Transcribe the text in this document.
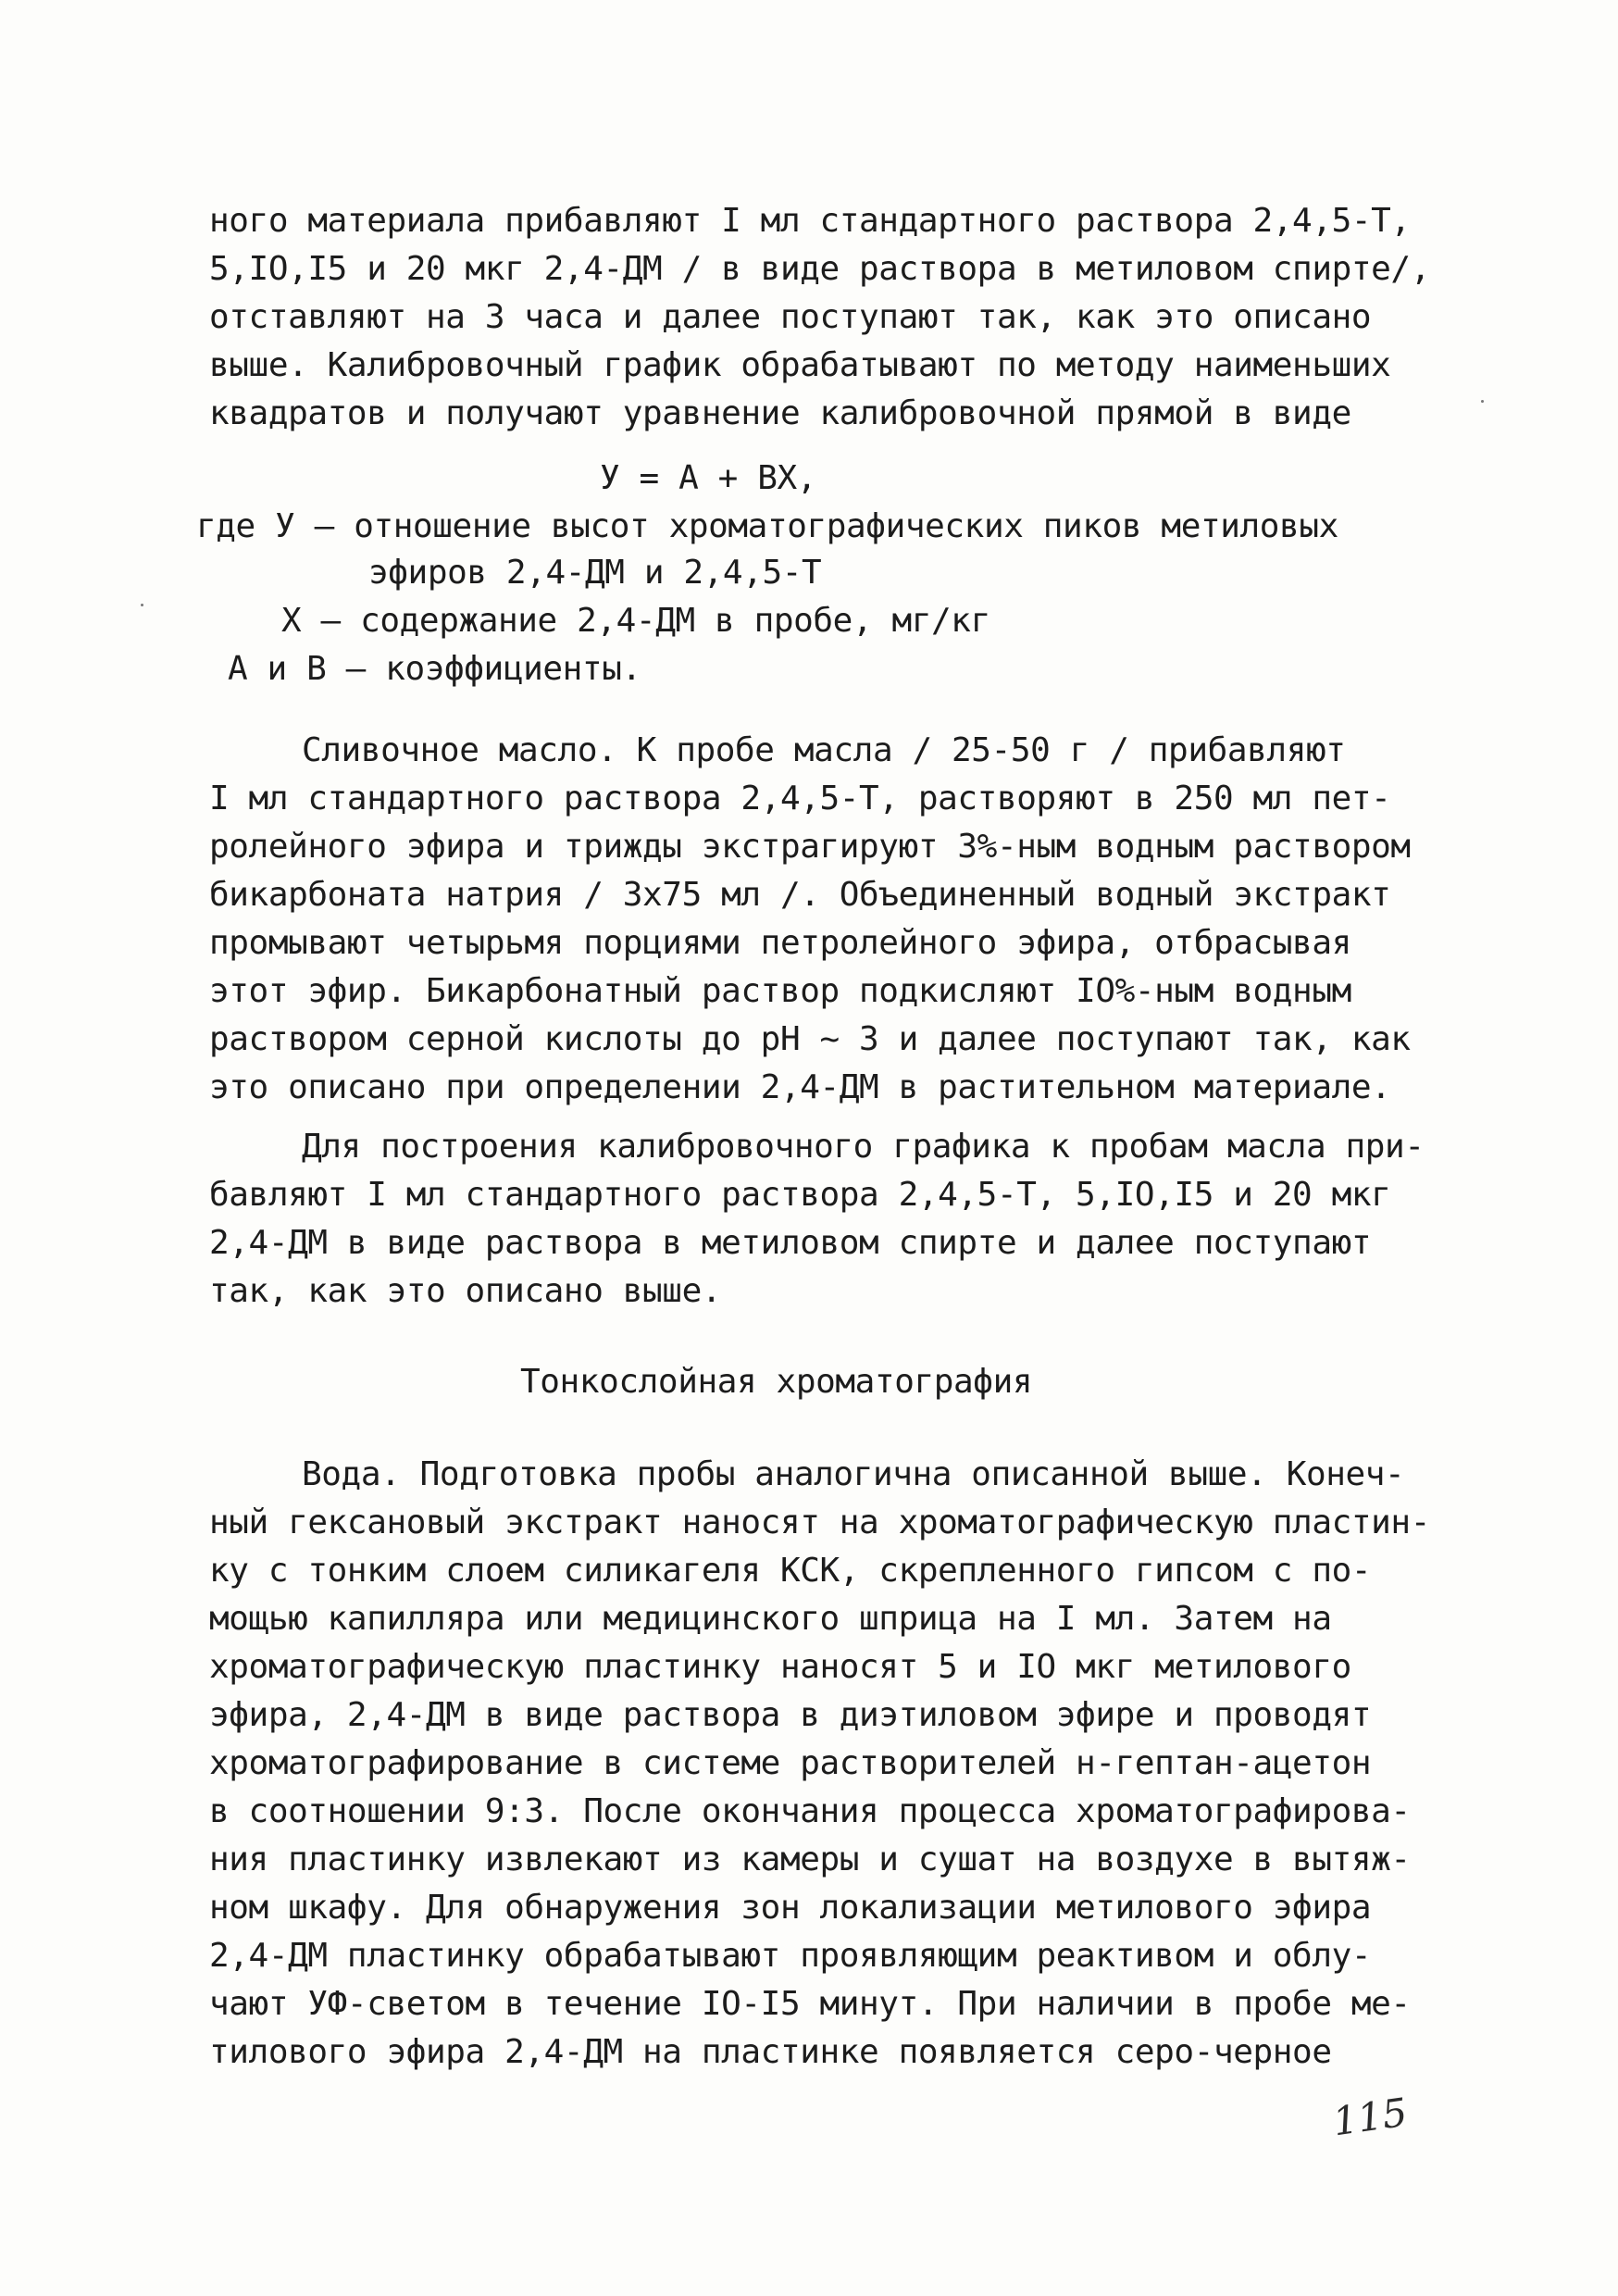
ного материала прибавляют I мл стандартного раствора 2,4,5-Т,
5,IO,I5 и 20 мкг 2,4-ДМ / в виде раствора в метиловом спирте/,
отставляют на 3 часа и далее поступают так, как это описано
выше. Калибровочный график обрабатывают по методу наименьших
квадратов и получают уравнение калибровочной прямой в виде
У = А + ВХ,
где У – отношение высот хроматографических пиков метиловых
эфиров 2,4-ДМ и 2,4,5-Т
Х – содержание 2,4-ДМ в пробе, мг/кг
А и В – коэффициенты.
Сливочное масло. К пробе масла / 25-50 г / прибавляют
I мл стандартного раствора 2,4,5-Т, растворяют в 250 мл пет-
ролейного эфира и трижды экстрагируют 3%-ным водным раствором
бикарбоната натрия / 3х75 мл /. Объединенный водный экстракт
промывают четырьмя порциями петролейного эфира, отбрасывая
этот эфир. Бикарбонатный раствор подкисляют IO%-ным водным
раствором серной кислоты до рН ~ 3 и далее поступают так, как
это описано при определении 2,4-ДМ в растительном материале.
Для построения калибровочного графика к пробам масла при-
бавляют I мл стандартного раствора 2,4,5-Т, 5,IO,I5 и 20 мкг
2,4-ДМ в виде раствора в метиловом спирте и далее поступают
так, как это описано выше.
Тонкослойная хроматография
Вода. Подготовка пробы аналогична описанной выше. Конеч-
ный гексановый экстракт наносят на хроматографическую пластин-
ку с тонким слоем силикагеля КСК, скрепленного гипсом с по-
мощью капилляра или медицинского шприца на I мл. Затем на
хроматографическую пластинку наносят 5 и IO мкг метилового
эфира, 2,4-ДМ в виде раствора в диэтиловом эфире и проводят
хроматографирование в системе растворителей н-гептан-ацетон
в соотношении 9:3. После окончания процесса хроматографирова-
ния пластинку извлекают из камеры и сушат на воздухе в вытяж-
ном шкафу. Для обнаружения зон локализации метилового эфира
2,4-ДМ пластинку обрабатывают проявляющим реактивом и облу-
чают УФ-светом в течение IO-I5 минут. При наличии в пробе ме-
тилового эфира 2,4-ДМ на пластинке появляется серо-черное
115
